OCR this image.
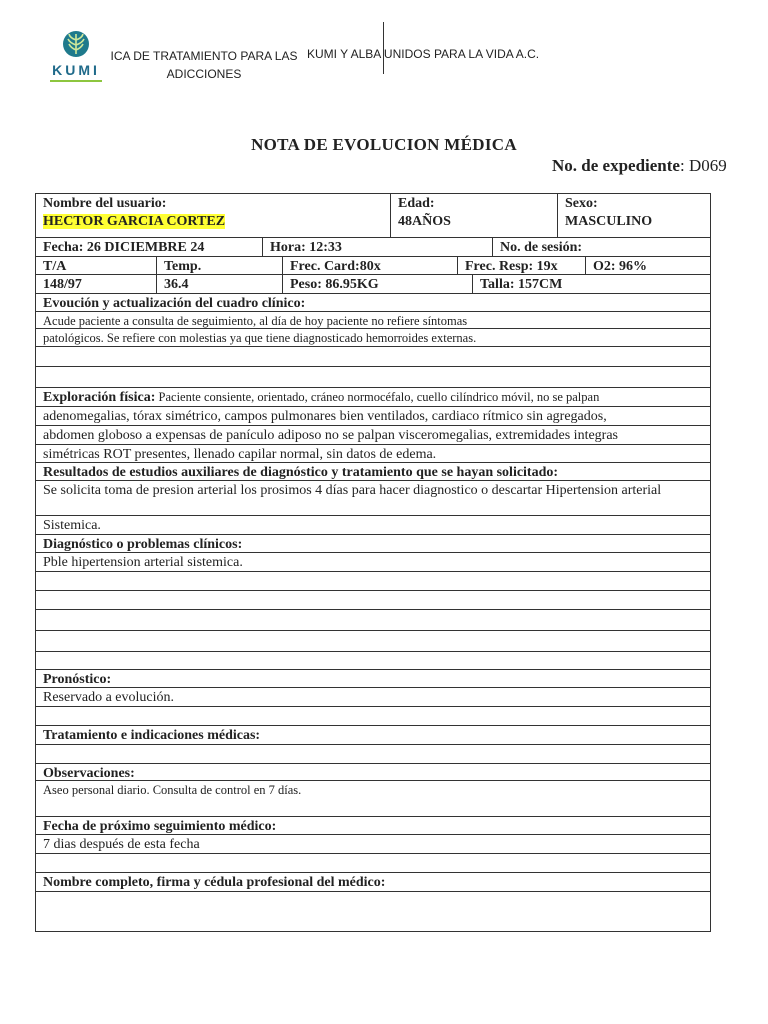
KUMI
ICA DE TRATAMIENTO PARA LAS ADICCIONES
KUMI Y ALBA UNIDOS PARA LA VIDA A.C.
NOTA DE EVOLUCION MÉDICA
No. de expediente: D069
Nombre del usuario:
HECTOR GARCIA CORTEZ
Edad:
48AÑOS
Sexo:
MASCULINO
Fecha: 26 DICIEMBRE 24	Hora: 12:33	No. de sesión:
T/A	Temp.	Frec. Card:80x	Frec. Resp: 19x	O2: 96%
148/97	36.4	Peso: 86.95KG	Talla: 157CM
Evoución y actualización del cuadro clínico:
Acude paciente a consulta de seguimiento, al día de hoy paciente no refiere síntomas
patológicos. Se refiere con molestias ya que tiene diagnosticado hemorroides externas.
Exploración física: Paciente consiente, orientado, cráneo normocéfalo, cuello cilíndrico móvil, no se palpan
adenomegalias, tórax simétrico, campos pulmonares bien ventilados, cardiaco rítmico sin agregados,
abdomen globoso a expensas de panículo adiposo no se palpan visceromegalias, extremidades integras
simétricas ROT presentes, llenado capilar normal, sin datos de edema.
Resultados de estudios auxiliares de diagnóstico y tratamiento que se hayan solicitado:
Se solicita toma de presion arterial los prosimos 4 días para hacer diagnostico o descartar Hipertension arterial
Sistemica.
Diagnóstico o problemas clínicos:
Pble hipertension arterial sistemica.
Pronóstico:
Reservado a evolución.
Tratamiento e indicaciones médicas:
Observaciones:
Aseo personal diario. Consulta de control en 7 días.
Fecha de próximo seguimiento médico:
7 dias después de esta fecha
Nombre completo, firma y cédula profesional del médico:
